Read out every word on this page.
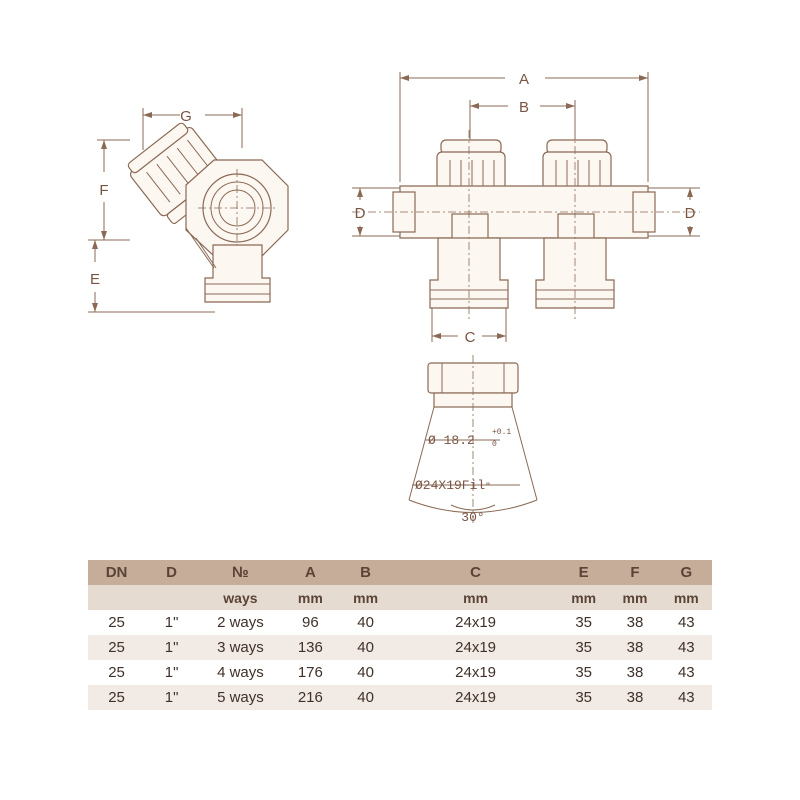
G
F
E
A
B
D	D
C
Ø 18.2
+0.1
0
Ø24X19Fil"
30°
DN	D	№	A	B	C	E	F	G
		ways	mm	mm	mm	mm	mm	mm
25	1"	2 ways	96	40	24x19	35	38	43
25	1"	3 ways	136	40	24x19	35	38	43
25	1"	4 ways	176	40	24x19	35	38	43
25	1"	5 ways	216	40	24x19	35	38	43
